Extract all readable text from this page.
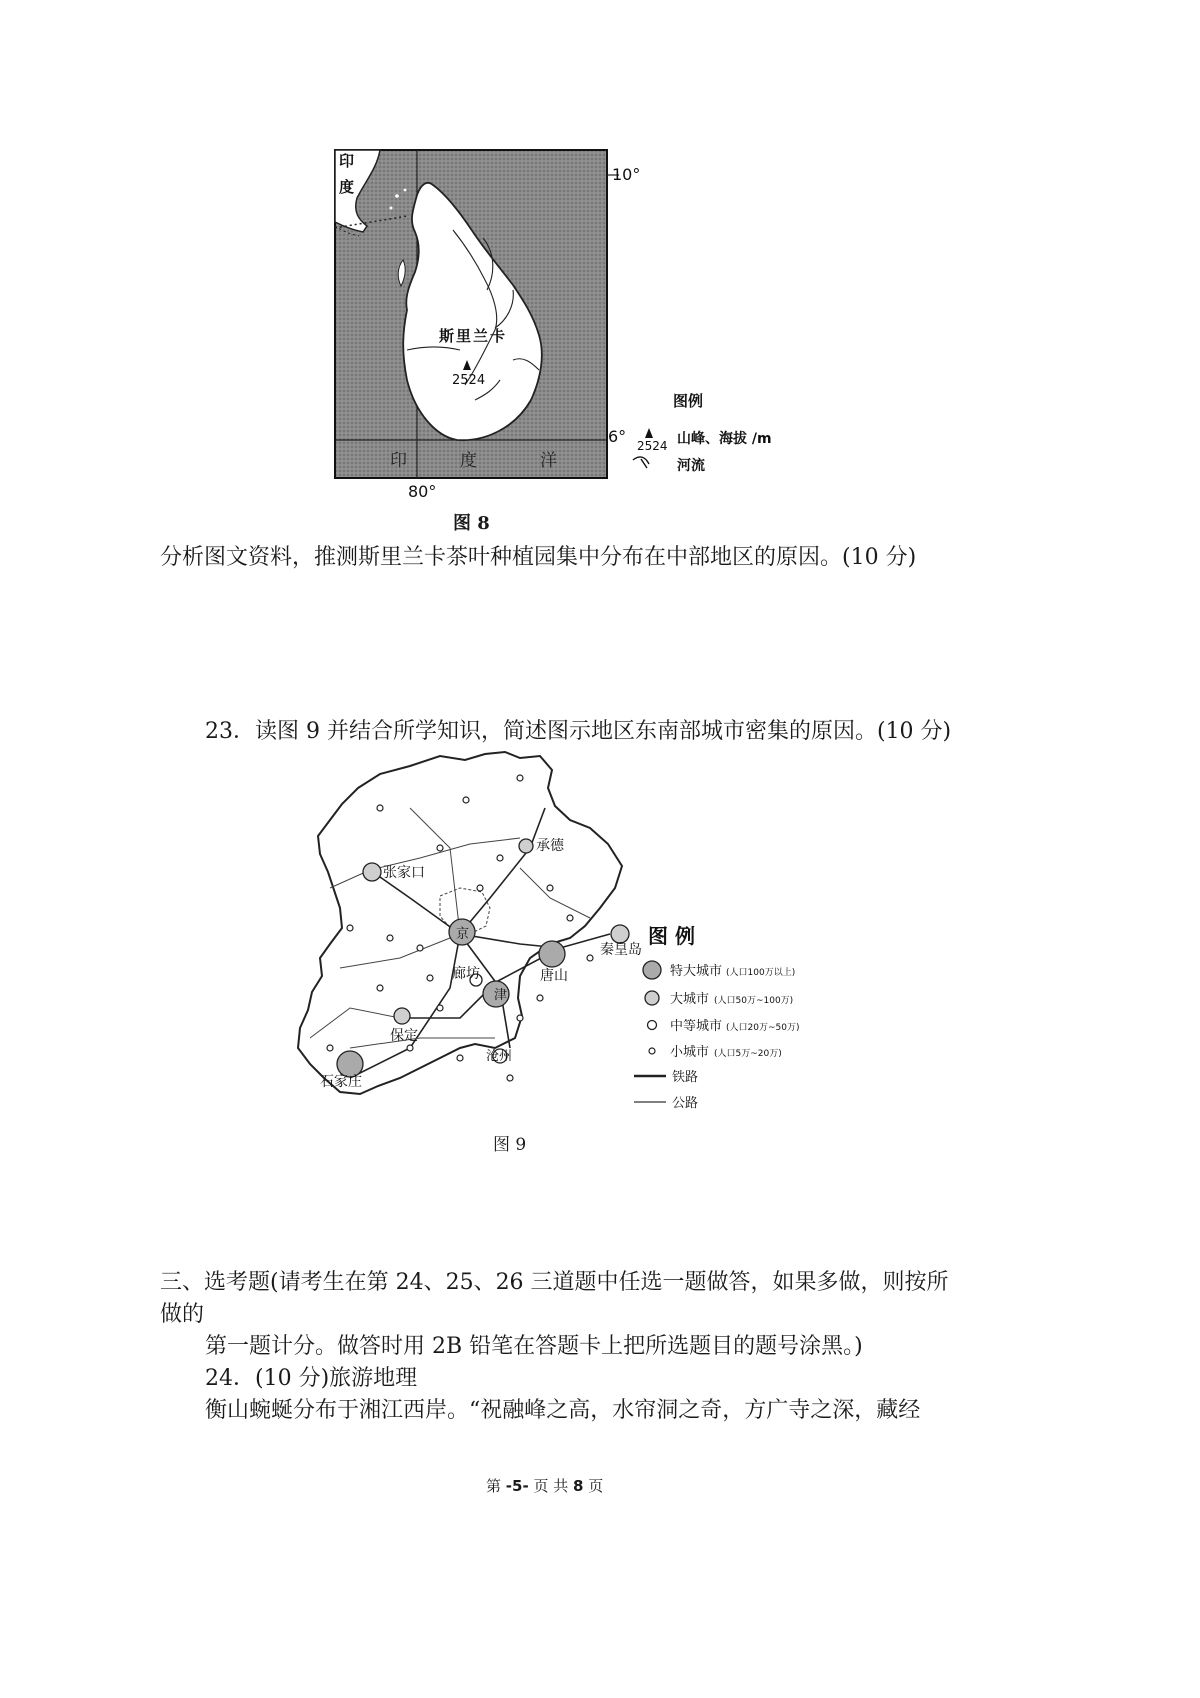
印
度
斯里兰卡
2524
印	度	洋
10°
6°
80°
图例
2524 山峰、海拔 /m
河流
图 8
分析图文资料，推测斯里兰卡茶叶种植园集中分布在中部地区的原因。(10 分)
23．读图 9 并结合所学知识，简述图示地区东南部城市密集的原因。(10 分)
张家口
承德
京
秦皇岛
廊坊	唐山
津
保定
沧州
石家庄
图 例
特大城市 (人口100万以上)
大城市 (人口50万~100万)
中等城市 (人口20万~50万)
小城市 (人口5万~20万)
铁路
公路
图 9
三、选考题(请考生在第 24、25、26 三道题中任选一题做答，如果多做，则按所
做的
第一题计分。做答时用 2B 铅笔在答题卡上把所选题目的题号涂黑。)
24．(10 分)旅游地理
衡山蜿蜒分布于湘江西岸。“祝融峰之高，水帘洞之奇，方广寺之深，藏经
第 -5- 页 共 8 页
